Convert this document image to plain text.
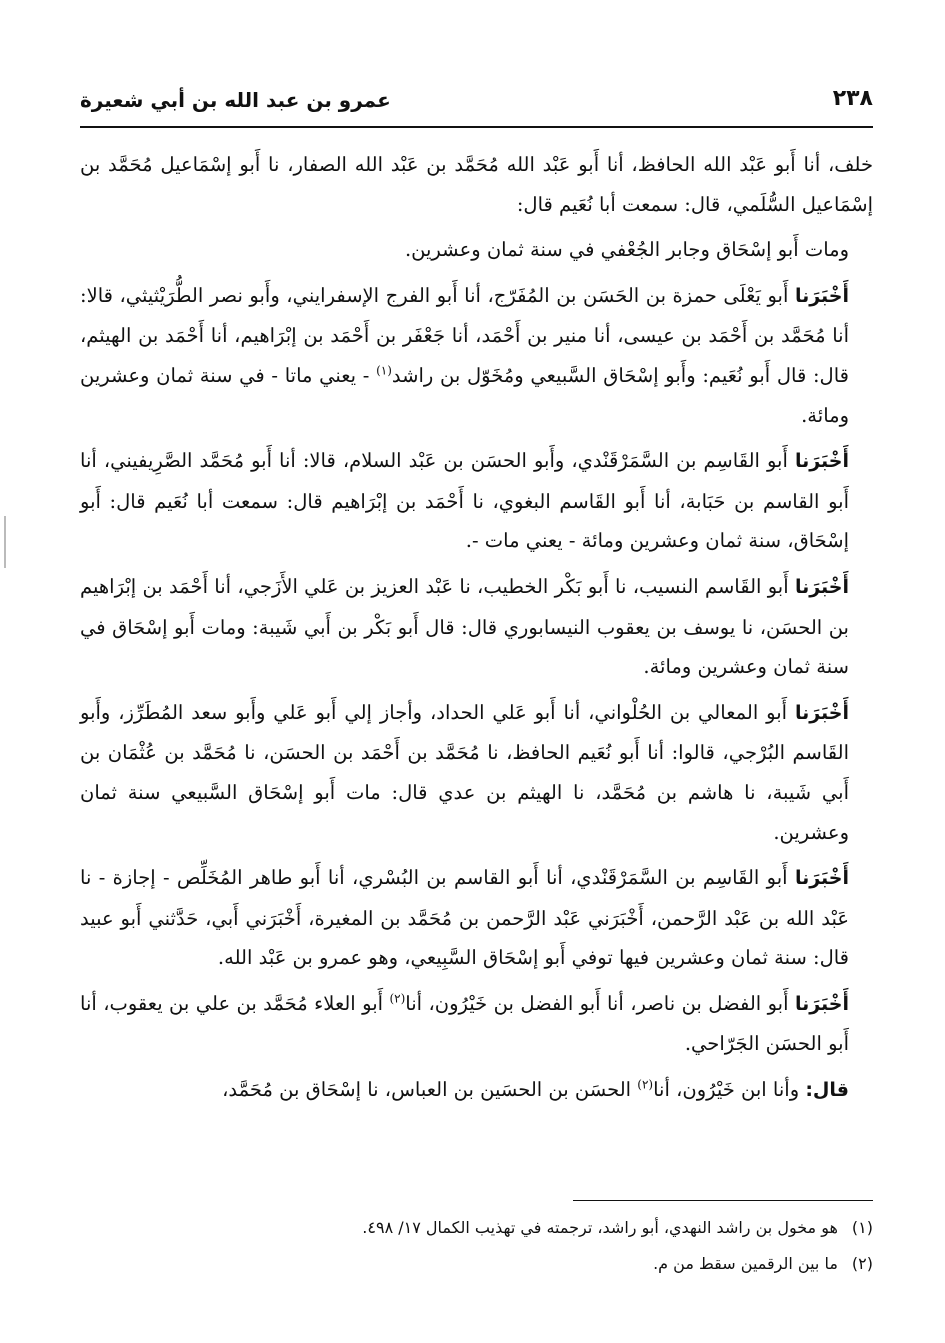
٢٣٨
عمرو بن عبد الله بن أبي شعيرة

خلف، أنا أَبو عَبْد الله الحافظ، أنا أَبو عَبْد الله مُحَمَّد بن عَبْد الله الصفار، نا أَبو إسْمَاعيل مُحَمَّد بن إسْمَاعيل السُّلَمي، قال: سمعت أبا نُعَيم قال:

ومات أَبو إسْحَاق وجابر الجُعْفي في سنة ثمان وعشرين.

أَخْبَرَنا أَبو يَعْلَى حمزة بن الحَسَن بن المُفَرّج، أنا أَبو الفرج الإسفرايني، وأَبو نصر الطُّرَيْثيثي، قالا: أنا مُحَمَّد بن أَحْمَد بن عيسى، أنا منير بن أَحْمَد، أنا جَعْفَر بن أَحْمَد بن إبْرَاهيم، أنا أَحْمَد بن الهيثم، قال: قال أَبو نُعَيم: وأَبو إسْحَاق السَّبيعي ومُخَوّل بن راشد$^{(١)}$ - يعني ماتا - في سنة ثمان وعشرين ومائة.

أَخْبَرَنا أَبو القَاسِم بن السَّمَرْقَنْدي، وأَبو الحسَن بن عَبْد السلام، قالا: أنا أَبو مُحَمَّد الصَّرِيفيني، أنا أَبو القاسم بن حَبَابة، أنا أَبو القَاسم البغوي، نا أَحْمَد بن إبْرَاهيم قال: سمعت أبا نُعَيم قال: أَبو إسْحَاق، سنة ثمان وعشرين ومائة - يعني مات -.

أَخْبَرَنا أَبو القَاسم النسيب، نا أَبو بَكْر الخطيب، نا عَبْد العزيز بن عَلي الأَزَجي، أنا أَحْمَد بن إبْرَاهيم بن الحسَن، نا يوسف بن يعقوب النيسابوري قال: قال أَبو بَكْر بن أَبي شَيبة: ومات أَبو إسْحَاق في سنة ثمان وعشرين ومائة.

أَخْبَرَنا أَبو المعالي بن الحُلْواني، أنا أَبو عَلي الحداد، وأجاز إلي أَبو عَلي وأَبو سعد المُطَرِّز، وأَبو القَاسم البُرْجي، قالوا: أنا أَبو نُعَيم الحافظ، نا مُحَمَّد بن أَحْمَد بن الحسَن، نا مُحَمَّد بن عُثْمَان بن أَبي شَيبة، نا هاشم بن مُحَمَّد، نا الهيثم بن عدي قال: مات أَبو إسْحَاق السَّبيعي سنة ثمان وعشرين.

أَخْبَرَنا أَبو القَاسِم بن السَّمَرْقَنْدي، أنا أَبو القاسم بن البُسْري، أنا أَبو طاهر المُخَلِّص - إجازة - نا عَبْد الله بن عَبْد الرَّحمن، أَخْبَرَني عَبْد الرَّحمن بن مُحَمَّد بن المغيرة، أَخْبَرَني أَبي، حَدَّثني أَبو عبيد قال: سنة ثمان وعشرين فيها توفي أَبو إسْحَاق السَّبِيعي، وهو عمرو بن عَبْد الله.

أَخْبَرَنا أَبو الفضل بن ناصر، أنا أَبو الفضل بن خَيْرُون، أنا$^{(٢)}$ أَبو العلاء مُحَمَّد بن علي بن يعقوب، أنا أَبو الحسَن الجَرّاحي.

قال: وأنا ابن خَيْرُون، أنا$^{(٢)}$ الحسَن بن الحسَين بن العباس، نا إسْحَاق بن مُحَمَّد،

(١)
هو مخول بن راشد النهدي، أبو راشد، ترجمته في تهذيب الكمال ١٧/ ٤٩٨.
(٢)
ما بين الرقمين سقط من م.
